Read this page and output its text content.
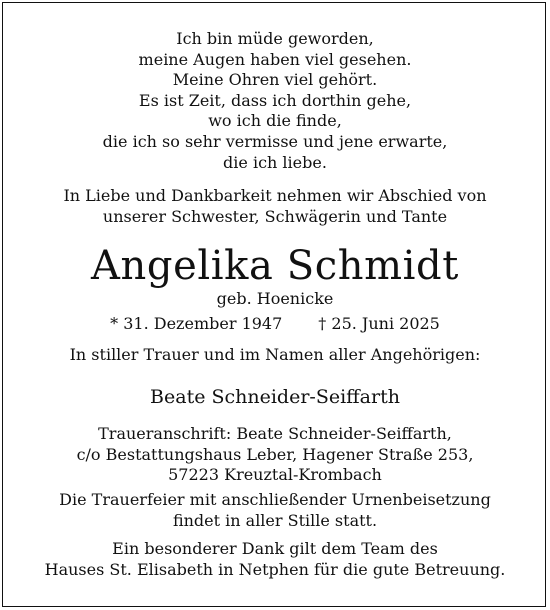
Ich bin müde geworden,
meine Augen haben viel gesehen.
Meine Ohren viel gehört.
Es ist Zeit, dass ich dorthin gehe,
wo ich die finde,
die ich so sehr vermisse und jene erwarte,
die ich liebe.
In Liebe und Dankbarkeit nehmen wir Abschied von
unserer Schwester, Schwägerin und Tante
Angelika Schmidt
geb. Hoenicke
* 31. Dezember 1947 † 25. Juni 2025
In stiller Trauer und im Namen aller Angehörigen:
Beate Schneider-Seiffarth
Traueranschrift: Beate Schneider-Seiffarth,
c/o Bestattungshaus Leber, Hagener Straße 253,
57223 Kreuztal-Krombach
Die Trauerfeier mit anschließender Urnenbeisetzung
findet in aller Stille statt.
Ein besonderer Dank gilt dem Team des
Hauses St. Elisabeth in Netphen für die gute Betreuung.
